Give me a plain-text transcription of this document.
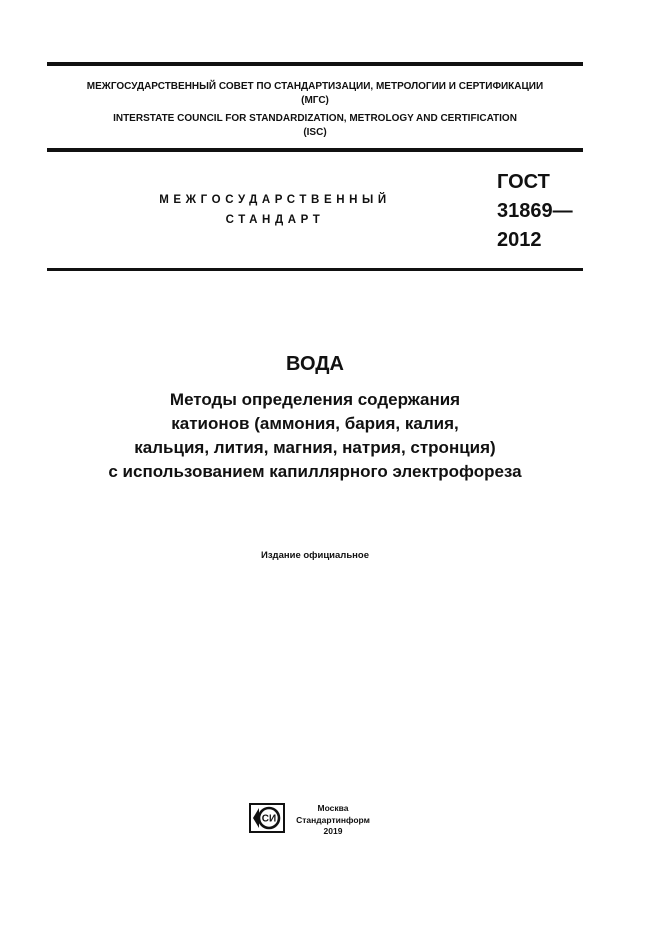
МЕЖГОСУДАРСТВЕННЫЙ СОВЕТ ПО СТАНДАРТИЗАЦИИ, МЕТРОЛОГИИ И СЕРТИФИКАЦИИ
(МГС)
INTERSTATE COUNCIL FOR STANDARDIZATION, METROLOGY AND CERTIFICATION
(ISC)
МЕЖГОСУДАРСТВЕННЫЙ
СТАНДАРТ
ГОСТ
31869—
2012
ВОДА
Методы определения содержания
катионов (аммония, бария, калия,
кальция, лития, магния, натрия, стронция)
с использованием капиллярного электрофореза
Издание официальное
СИ
Москва
Стандартинформ
2019
